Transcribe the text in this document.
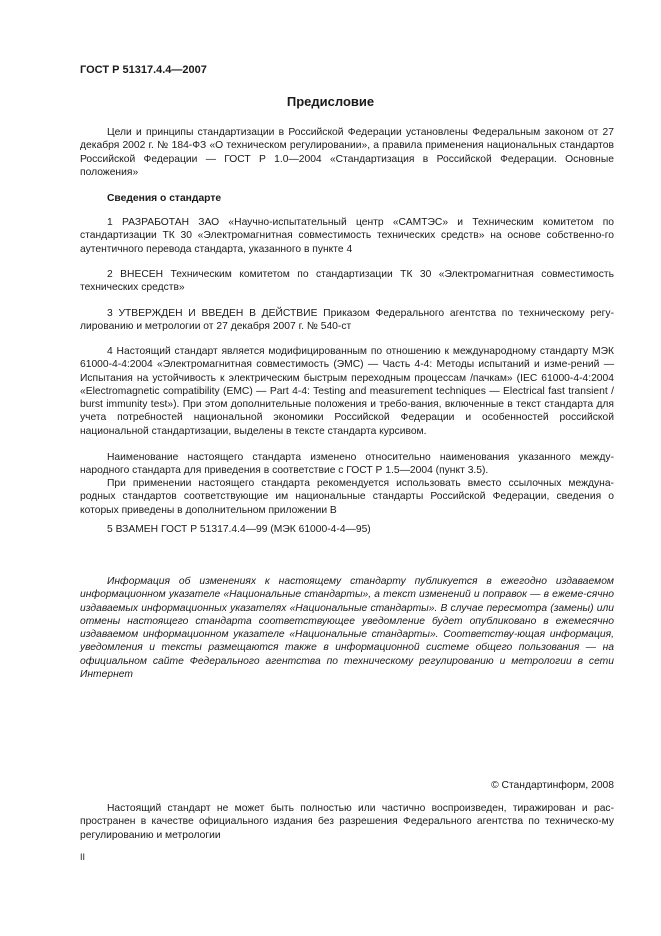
ГОСТ Р 51317.4.4—2007
Предисловие

Цели и принципы стандартизации в Российской Федерации установлены Федеральным законом от 27 декабря 2002 г. № 184-ФЗ «О техническом регулировании», а правила применения национальных стандартов Российской Федерации — ГОСТ Р 1.0—2004 «Стандартизация в Российской Федерации. Основные положения»

Сведения о стандарте

1 РАЗРАБОТАН ЗАО «Научно-испытательный центр «САМТЭС» и Техническим комитетом по стандартизации ТК 30 «Электромагнитная совместимость технических средств» на основе собственно-го аутентичного перевода стандарта, указанного в пункте 4

2 ВНЕСЕН Техническим комитетом по стандартизации ТК 30 «Электромагнитная совместимость технических средств»

3 УТВЕРЖДЕН И ВВЕДЕН В ДЕЙСТВИЕ Приказом Федерального агентства по техническому регу-лированию и метрологии от 27 декабря 2007 г. № 540-ст

4 Настоящий стандарт является модифицированным по отношению к международному стандарту МЭК 61000-4-4:2004 «Электромагнитная совместимость (ЭМС) — Часть 4-4: Методы испытаний и изме-рений — Испытания на устойчивость к электрическим быстрым переходным процессам /пачкам» (IEC 61000-4-4:2004 «Electromagnetic compatibility (EMC) — Part 4-4: Testing and measurement techniques — Electrical fast transient / burst immunity test»). При этом дополнительные положения и требо-вания, включенные в текст стандарта для учета потребностей национальной экономики Российской Федерации и особенностей российской национальной стандартизации, выделены в тексте стандарта курсивом.

Наименование настоящего стандарта изменено относительно наименования указанного между-народного стандарта для приведения в соответствие с ГОСТ Р 1.5—2004 (пункт 3.5).

При применении настоящего стандарта рекомендуется использовать вместо ссылочных междуна-родных стандартов соответствующие им национальные стандарты Российской Федерации, сведения о которых приведены в дополнительном приложении В

5 ВЗАМЕН ГОСТ Р 51317.4.4—99 (МЭК 61000-4-4—95)

Информация об изменениях к настоящему стандарту публикуется в ежегодно издаваемом информационном указателе «Национальные стандарты», а текст изменений и поправок — в ежеме-сячно издаваемых информационных указателях «Национальные стандарты». В случае пересмотра (замены) или отмены настоящего стандарта соответствующее уведомление будет опубликовано в ежемесячно издаваемом информационном указателе «Национальные стандарты». Соответству-ющая информация, уведомления и тексты размещаются также в информационной системе общего пользования — на официальном сайте Федерального агентства по техническому регулированию и метрологии в сети Интернет

© Стандартинформ, 2008

Настоящий стандарт не может быть полностью или частично воспроизведен, тиражирован и рас-пространен в качестве официального издания без разрешения Федерального агентства по техническо-му регулированию и метрологии

II
